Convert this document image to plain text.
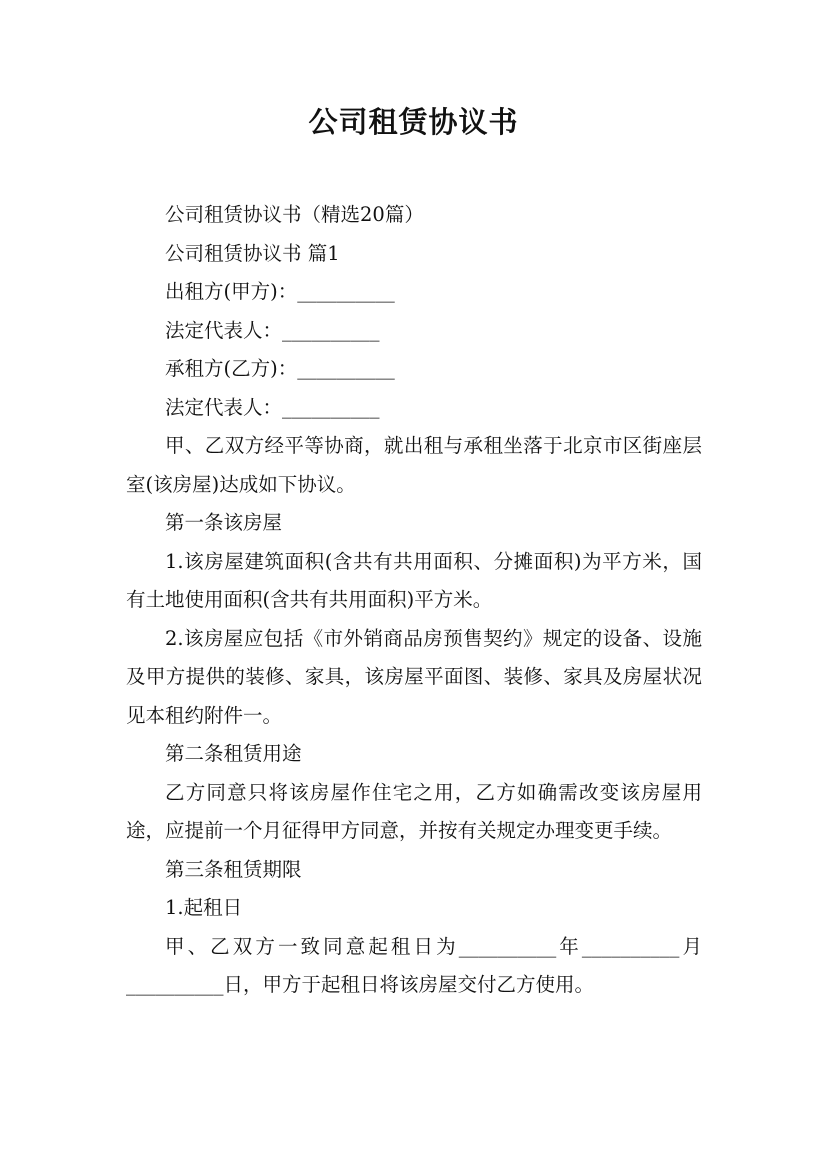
公司租赁协议书

公司租赁协议书（精选20篇）

公司租赁协议书 篇1

出租方(甲方)：__________

法定代表人：__________

承租方(乙方)：__________

法定代表人：__________

甲、乙双方经平等协商，就出租与承租坐落于北京市区街座层室(该房屋)达成如下协议。

第一条该房屋

1.该房屋建筑面积(含共有共用面积、分摊面积)为平方米，国有土地使用面积(含共有共用面积)平方米。

2.该房屋应包括《市外销商品房预售契约》规定的设备、设施及甲方提供的装修、家具，该房屋平面图、装修、家具及房屋状况见本租约附件一。

第二条租赁用途

乙方同意只将该房屋作住宅之用，乙方如确需改变该房屋用途，应提前一个月征得甲方同意，并按有关规定办理变更手续。

第三条租赁期限

1.起租日

甲、乙双方一致同意起租日为__________年__________月__________日，甲方于起租日将该房屋交付乙方使用。
